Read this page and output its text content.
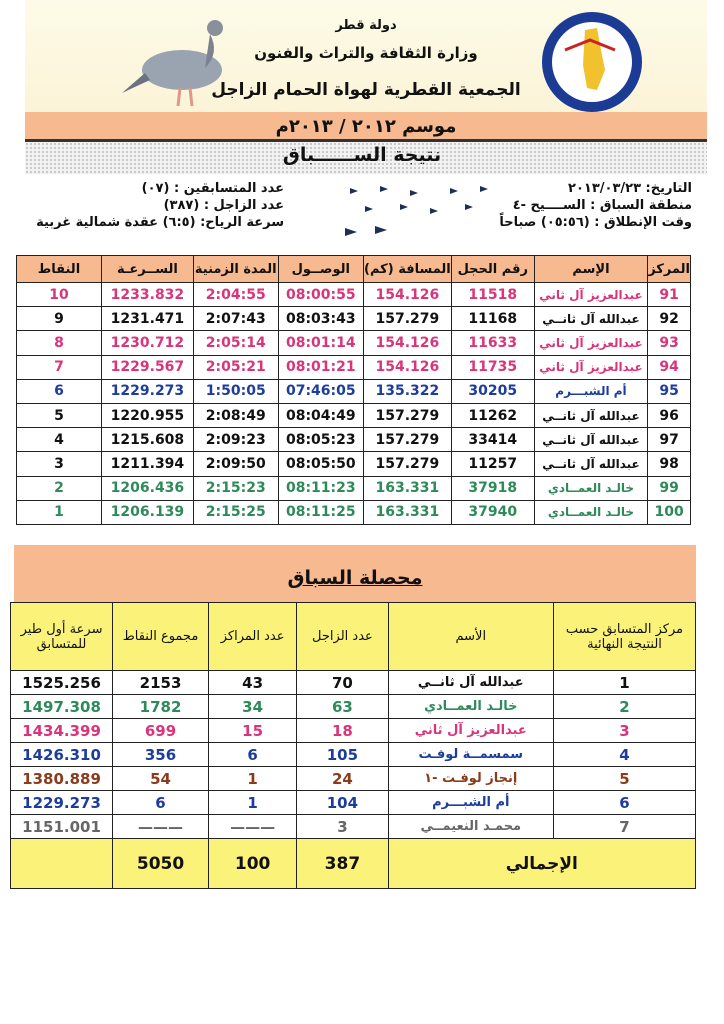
دولة قطر
وزارة الثقافة والتراث والفنون
الجمعية القطرية لهواة الحمام الزاجل
موسم ٢٠١٢ / ٢٠١٣م
نتيجة الســــــباق
عدد المتسابقين : (٠٧)
عدد الزاجل : (٣٨٧)
سرعة الرياح: (٦:٥) عقدة شمالية غربية
التاريخ: ٢٠١٣/٠٣/٢٣
منطقة السباق : الســــيح -٤
وقت الإنطلاق : (٠٥:٥٦) صباحاً
المركز	الإسم	رقم الحجل	المسافة (كم)	الوصــول	المدة الزمنية	الســرعـة	النقاط
91	عبدالعزيز آل ثاني	11518	154.126	08:00:55	2:04:55	1233.832	10
92	عبدالله آل ثانــي	11168	157.279	08:03:43	2:07:43	1231.471	9
93	عبدالعزيز آل ثاني	11633	154.126	08:01:14	2:05:14	1230.712	8
94	عبدالعزيز آل ثاني	11735	154.126	08:01:21	2:05:21	1229.567	7
95	أم الشبـــرم	30205	135.322	07:46:05	1:50:05	1229.273	6
96	عبدالله آل ثانــي	11262	157.279	08:04:49	2:08:49	1220.955	5
97	عبدالله آل ثانــي	33414	157.279	08:05:23	2:09:23	1215.608	4
98	عبدالله آل ثانــي	11257	157.279	08:05:50	2:09:50	1211.394	3
99	خالـد العمــادي	37918	163.331	08:11:23	2:15:23	1206.436	2
100	خالـد العمــادي	37940	163.331	08:11:25	2:15:25	1206.139	1
محصلة السباق
مركز المتسابق حسب النتيجة النهائية	الأسم	عدد الزاجل	عدد المراكز	مجموع النقاط	سرعة أول طير للمتسابق
1	عبدالله آل ثانــي	70	43	2153	1525.256
2	خالـد العمــادي	63	34	1782	1497.308
3	عبدالعزيز آل ثاني	18	15	699	1434.399
4	سمسمــة لوفـت	105	6	356	1426.310
5	إنجاز لوفـت -١	24	1	54	1380.889
6	أم الشبـــرم	104	1	6	1229.273
7	محمـد النعيمــي	3	———	———	1151.001
الإجمالي		387	100	5050	
